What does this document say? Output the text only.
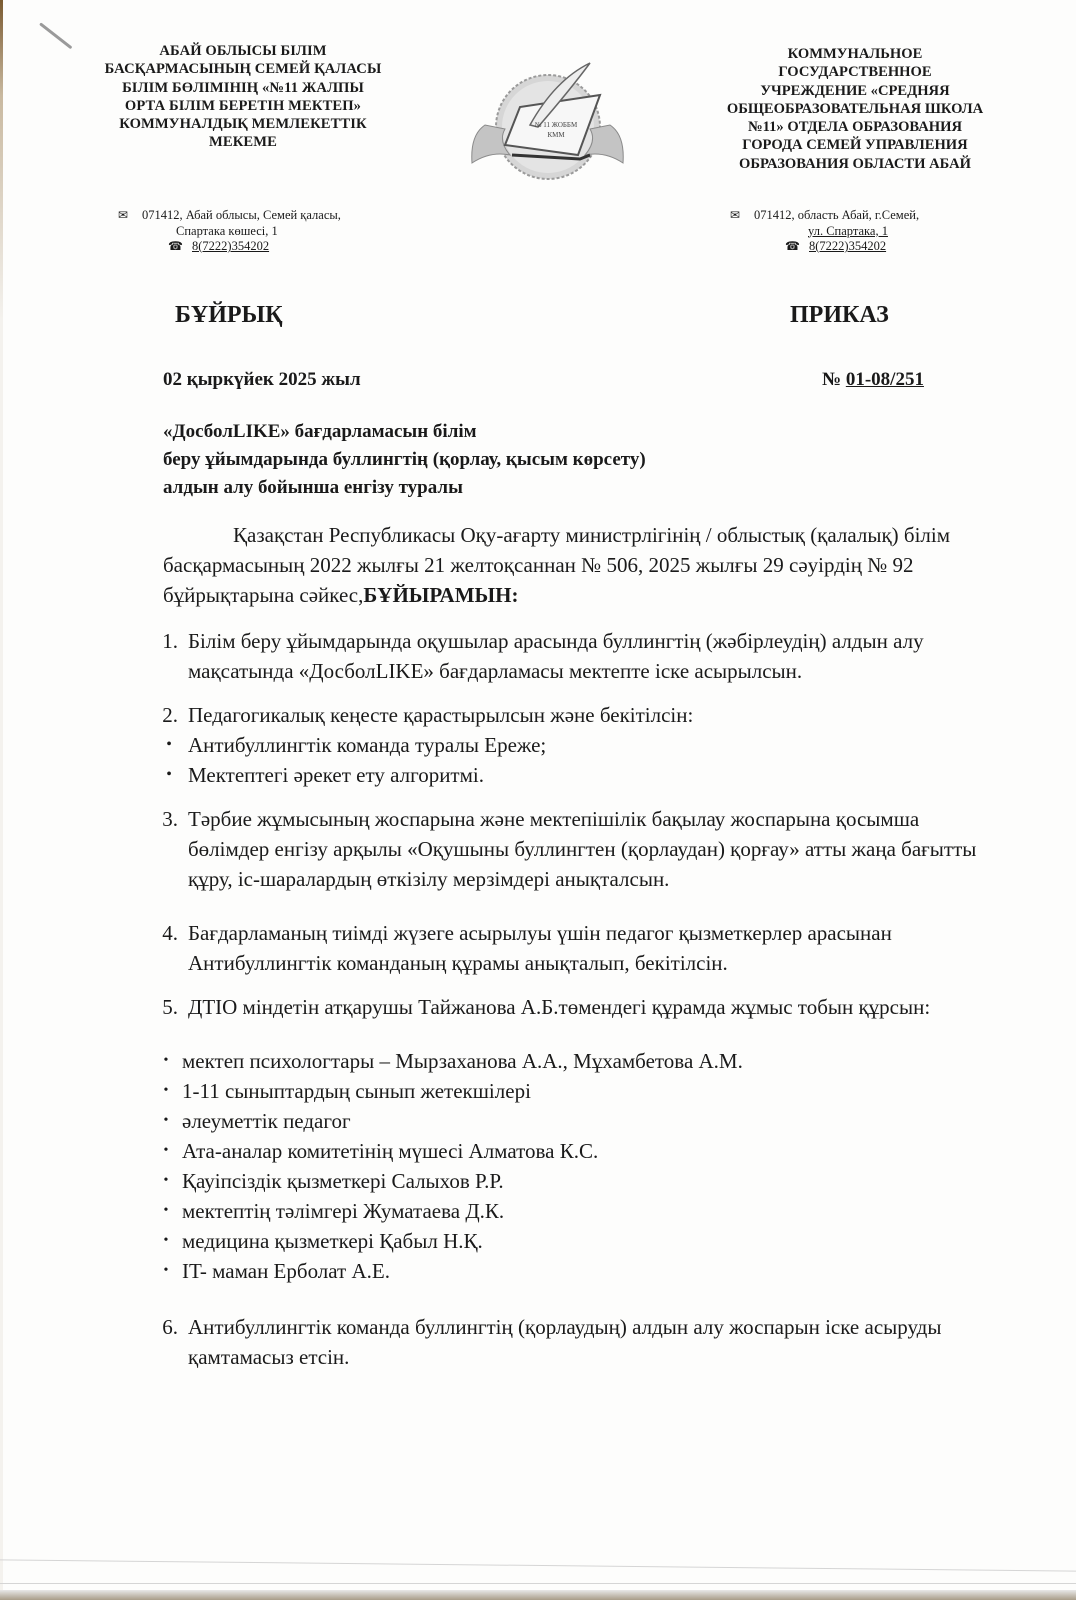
АБАЙ ОБЛЫСЫ БІЛІМ
БАСҚАРМАСЫНЫҢ СЕМЕЙ ҚАЛАСЫ
БІЛІМ БӨЛІМІНІҢ «№11 ЖАЛПЫ
ОРТА БІЛІМ БЕРЕТІН МЕКТЕП»
КОММУНАЛДЫҚ МЕМЛЕКЕТТІК
МЕКЕМЕ
№ 11 ЖОББМ
КММ
КОММУНАЛЬНОЕ
ГОСУДАРСТВЕННОЕ
УЧРЕЖДЕНИЕ «СРЕДНЯЯ
ОБЩЕОБРАЗОВАТЕЛЬНАЯ ШКОЛА
№11» ОТДЕЛА ОБРАЗОВАНИЯ
ГОРОДА СЕМЕЙ УПРАВЛЕНИЯ
ОБРАЗОВАНИЯ ОБЛАСТИ АБАЙ
✉	071412, Абай облысы, Семей қаласы,
Спартака көшесі, 1
☎ 8(7222)354202
✉	071412, область Абай, г.Семей,
ул. Спартака, 1
☎ 8(7222)354202
БҰЙРЫҚ	ПРИКАЗ
02 қыркүйек 2025 жыл	№ 01-08/251
«ДосболLIKE» бағдарламасын білім
беру ұйымдарында буллингтің (қорлау, қысым көрсету)
алдын алу бойынша енгізу туралы
Қазақстан Республикасы Оқу-ағарту министрлігінің / облыстық (қалалық) білім басқармасының 2022 жылғы 21 желтоқсаннан № 506, 2025 жылғы 29 сәуірдің № 92 бұйрықтарына сәйкес,БҰЙЫРАМЫН:
1. Білім беру ұйымдарында оқушылар арасында буллингтің (жәбірлеудің) алдын алу мақсатында «ДосболLIKE» бағдарламасы мектепте іске асырылсын.
2. Педагогикалық кеңесте қарастырылсын және бекітілсін:
• Антибуллингтік команда туралы Ереже;
• Мектептегі әрекет ету алгоритмі.
3. Тәрбие жұмысының жоспарына және мектепішілік бақылау жоспарына қосымша бөлімдер енгізу арқылы «Оқушыны буллингтен (қорлаудан) қорғау» атты жаңа бағытты құру, іс-шаралардың өткізілу мерзімдері анықталсын.
4. Бағдарламаның тиімді жүзеге асырылуы үшін педагог қызметкерлер арасынан Антибуллингтік команданың құрамы анықталып, бекітілсін.
5. ДТІО міндетін атқарушы Тайжанова А.Б.төмендегі құрамда жұмыс тобын құрсын:
• мектеп психологтары – Мырзаханова А.А., Мұхамбетова А.М.
• 1-11 сыныптардың сынып жетекшілері
• әлеуметтік педагог
• Ата-аналар комитетінің мүшесі Алматова К.С.
• Қауіпсіздік қызметкері Салыхов Р.Р.
• мектептің тәлімгері Жуматаева Д.К.
• медицина қызметкері Қабыл Н.Қ.
• IT- маман Ерболат А.Е.
6. Антибуллингтік команда буллингтің (қорлаудың) алдын алу жоспарын іске асыруды қамтамасыз етсін.
